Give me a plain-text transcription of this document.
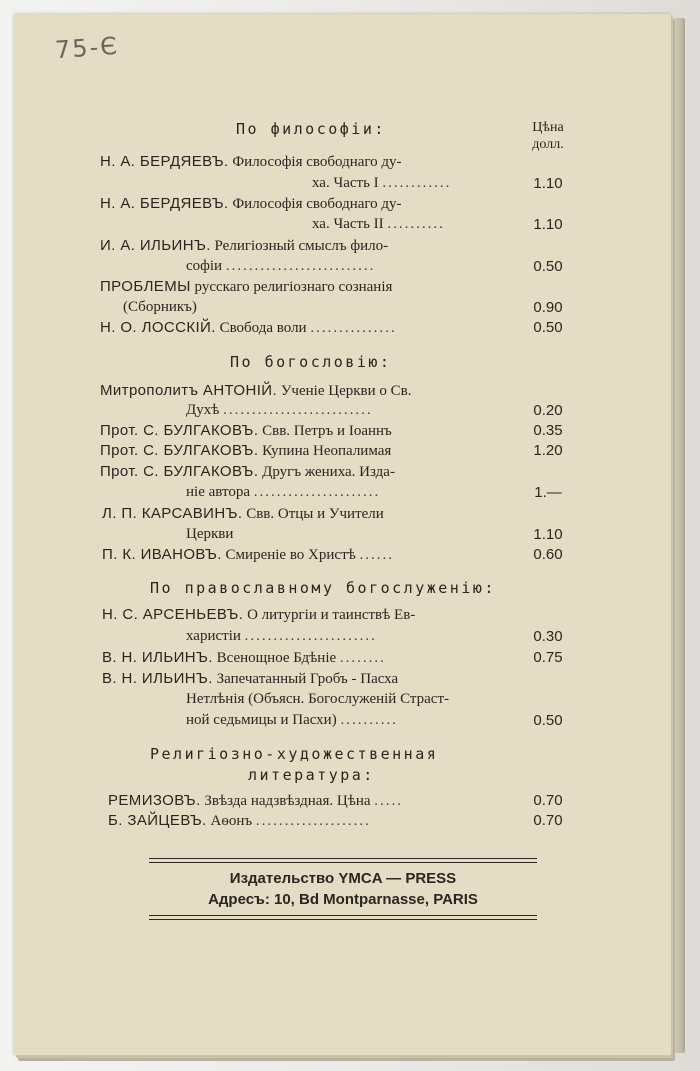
75-Є
Цѣна
долл.
По философіи:
Н. А. БЕРДЯЕВЪ. Философія свободнаго ду-
ха. Часть I ............	1.10
Н. А. БЕРДЯЕВЪ. Философія свободнаго ду-
ха. Часть II ..........	1.10
И. А. ИЛЬИНЪ. Религіозный смыслъ фило-
софіи ..........................	0.50
ПРОБЛЕМЫ русскаго религіознаго сознанія
(Сборникъ)	0.90
Н. О. ЛОССКІЙ. Свобода воли ...............	0.50
По богословію:
Митрополитъ АНТОНІЙ. Ученіе Церкви о Св.
Духѣ ..........................	0.20
Прот. С. БУЛГАКОВЪ. Свв. Петръ и Іоаннъ	0.35
Прот. С. БУЛГАКОВЪ. Купина Неопалимая	1.20
Прот. С. БУЛГАКОВЪ. Другъ жениха. Изда-
ніе автора ......................	1.—
Л. П. КАРСАВИНЪ. Свв. Отцы и Учители
Церкви	1.10
П. К. ИВАНОВЪ. Смиреніе во Христѣ ......	0.60
По православному богослуженію:
Н. С. АРСЕНЬЕВЪ. О литургіи и таинствѣ Ев-
харистіи .......................	0.30
В. Н. ИЛЬИНЪ. Всенощное Бдѣніе ........	0.75
В. Н. ИЛЬИНЪ. Запечатанный Гробъ - Пасха
Нетлѣнія (Объясн. Богослуженій Страст-
ной седьмицы и Пасхи) ..........	0.50
Религіозно-художественная
литература:
РЕМИЗОВЪ. Звѣзда надзвѣздная. Цѣна .....	0.70
Б. ЗАЙЦЕВЪ. Аѳонъ ....................	0.70
Издательство YMCA — PRESS
Адресъ: 10, Bd Montparnasse, PARIS
